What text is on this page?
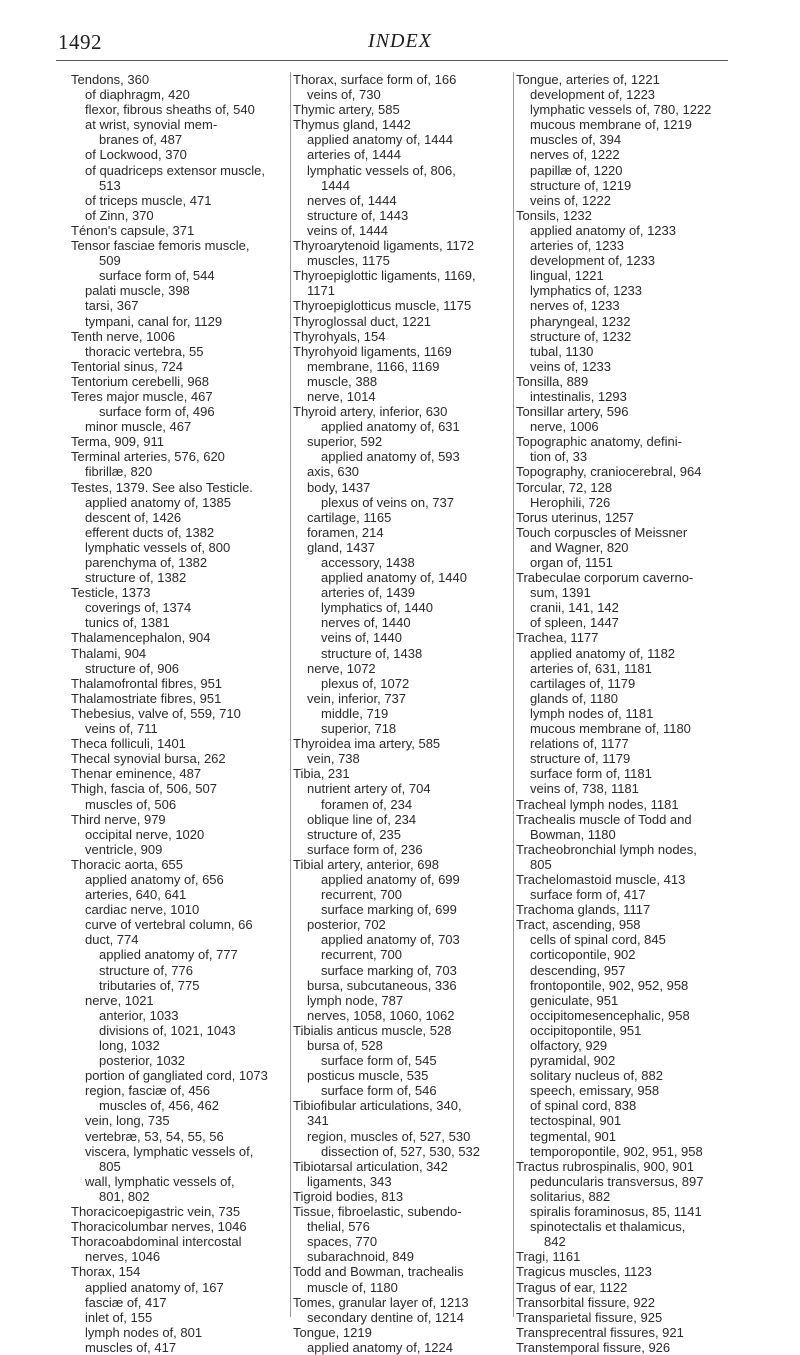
1492	INDEX
Tendons, 360
of diaphragm, 420
flexor, fibrous sheaths of, 540
at wrist, synovial mem-
branes of, 487
of Lockwood, 370
of quadriceps extensor muscle,
513
of triceps muscle, 471
of Zinn, 370
Ténon's capsule, 371
Tensor fasciae femoris muscle,
509
surface form of, 544
palati muscle, 398
tarsi, 367
tympani, canal for, 1129
Tenth nerve, 1006
thoracic vertebra, 55
Tentorial sinus, 724
Tentorium cerebelli, 968
Teres major muscle, 467
surface form of, 496
minor muscle, 467
Terma, 909, 911
Terminal arteries, 576, 620
fibrillæ, 820
Testes, 1379. See also Testicle.
applied anatomy of, 1385
descent of, 1426
efferent ducts of, 1382
lymphatic vessels of, 800
parenchyma of, 1382
structure of, 1382
Testicle, 1373
coverings of, 1374
tunics of, 1381
Thalamencephalon, 904
Thalami, 904
structure of, 906
Thalamofrontal fibres, 951
Thalamostriate fibres, 951
Thebesius, valve of, 559, 710
veins of, 711
Theca folliculi, 1401
Thecal synovial bursa, 262
Thenar eminence, 487
Thigh, fascia of, 506, 507
muscles of, 506
Third nerve, 979
occipital nerve, 1020
ventricle, 909
Thoracic aorta, 655
applied anatomy of, 656
arteries, 640, 641
cardiac nerve, 1010
curve of vertebral column, 66
duct, 774
applied anatomy of, 777
structure of, 776
tributaries of, 775
nerve, 1021
anterior, 1033
divisions of, 1021, 1043
long, 1032
posterior, 1032
portion of gangliated cord, 1073
region, fasciæ of, 456
muscles of, 456, 462
vein, long, 735
vertebræ, 53, 54, 55, 56
viscera, lymphatic vessels of,
805
wall, lymphatic vessels of,
801, 802
Thoracicoepigastric vein, 735
Thoracicolumbar nerves, 1046
Thoracoabdominal intercostal
nerves, 1046
Thorax, 154
applied anatomy of, 167
fasciæ of, 417
inlet of, 155
lymph nodes of, 801
muscles of, 417
Thorax, surface form of, 166
veins of, 730
Thymic artery, 585
Thymus gland, 1442
applied anatomy of, 1444
arteries of, 1444
lymphatic vessels of, 806,
1444
nerves of, 1444
structure of, 1443
veins of, 1444
Thyroarytenoid ligaments, 1172
muscles, 1175
Thyroepiglottic ligaments, 1169,
1171
Thyroepiglotticus muscle, 1175
Thyroglossal duct, 1221
Thyrohyals, 154
Thyrohyoid ligaments, 1169
membrane, 1166, 1169
muscle, 388
nerve, 1014
Thyroid artery, inferior, 630
applied anatomy of, 631
superior, 592
applied anatomy of, 593
axis, 630
body, 1437
plexus of veins on, 737
cartilage, 1165
foramen, 214
gland, 1437
accessory, 1438
applied anatomy of, 1440
arteries of, 1439
lymphatics of, 1440
nerves of, 1440
veins of, 1440
structure of, 1438
nerve, 1072
plexus of, 1072
vein, inferior, 737
middle, 719
superior, 718
Thyroidea ima artery, 585
vein, 738
Tibia, 231
nutrient artery of, 704
foramen of, 234
oblique line of, 234
structure of, 235
surface form of, 236
Tibial artery, anterior, 698
applied anatomy of, 699
recurrent, 700
surface marking of, 699
posterior, 702
applied anatomy of, 703
recurrent, 700
surface marking of, 703
bursa, subcutaneous, 336
lymph node, 787
nerves, 1058, 1060, 1062
Tibialis anticus muscle, 528
bursa of, 528
surface form of, 545
posticus muscle, 535
surface form of, 546
Tibiofibular articulations, 340,
341
region, muscles of, 527, 530
dissection of, 527, 530, 532
Tibiotarsal articulation, 342
ligaments, 343
Tigroid bodies, 813
Tissue, fibroelastic, subendo-
thelial, 576
spaces, 770
subarachnoid, 849
Todd and Bowman, trachealis
muscle of, 1180
Tomes, granular layer of, 1213
secondary dentine of, 1214
Tongue, 1219
applied anatomy of, 1224
Tongue, arteries of, 1221
development of, 1223
lymphatic vessels of, 780, 1222
mucous membrane of, 1219
muscles of, 394
nerves of, 1222
papillæ of, 1220
structure of, 1219
veins of, 1222
Tonsils, 1232
applied anatomy of, 1233
arteries of, 1233
development of, 1233
lingual, 1221
lymphatics of, 1233
nerves of, 1233
pharyngeal, 1232
structure of, 1232
tubal, 1130
veins of, 1233
Tonsilla, 889
intestinalis, 1293
Tonsillar artery, 596
nerve, 1006
Topographic anatomy, defini-
tion of, 33
Topography, craniocerebral, 964
Torcular, 72, 128
Herophili, 726
Torus uterinus, 1257
Touch corpuscles of Meissner
and Wagner, 820
organ of, 1151
Trabeculae corporum caverno-
sum, 1391
cranii, 141, 142
of spleen, 1447
Trachea, 1177
applied anatomy of, 1182
arteries of, 631, 1181
cartilages of, 1179
glands of, 1180
lymph nodes of, 1181
mucous membrane of, 1180
relations of, 1177
structure of, 1179
surface form of, 1181
veins of, 738, 1181
Tracheal lymph nodes, 1181
Trachealis muscle of Todd and
Bowman, 1180
Tracheobronchial lymph nodes,
805
Trachelomastoid muscle, 413
surface form of, 417
Trachoma glands, 1117
Tract, ascending, 958
cells of spinal cord, 845
corticopontile, 902
descending, 957
frontopontile, 902, 952, 958
geniculate, 951
occipitomesencephalic, 958
occipitopontile, 951
olfactory, 929
pyramidal, 902
solitary nucleus of, 882
speech, emissary, 958
of spinal cord, 838
tectospinal, 901
tegmental, 901
temporopontile, 902, 951, 958
Tractus rubrospinalis, 900, 901
peduncularis transversus, 897
solitarius, 882
spiralis foraminosus, 85, 1141
spinotectalis et thalamicus,
842
Tragi, 1161
Tragicus muscles, 1123
Tragus of ear, 1122
Transorbital fissure, 922
Transparietal fissure, 925
Transprecentral fissures, 921
Transtemporal fissure, 926
